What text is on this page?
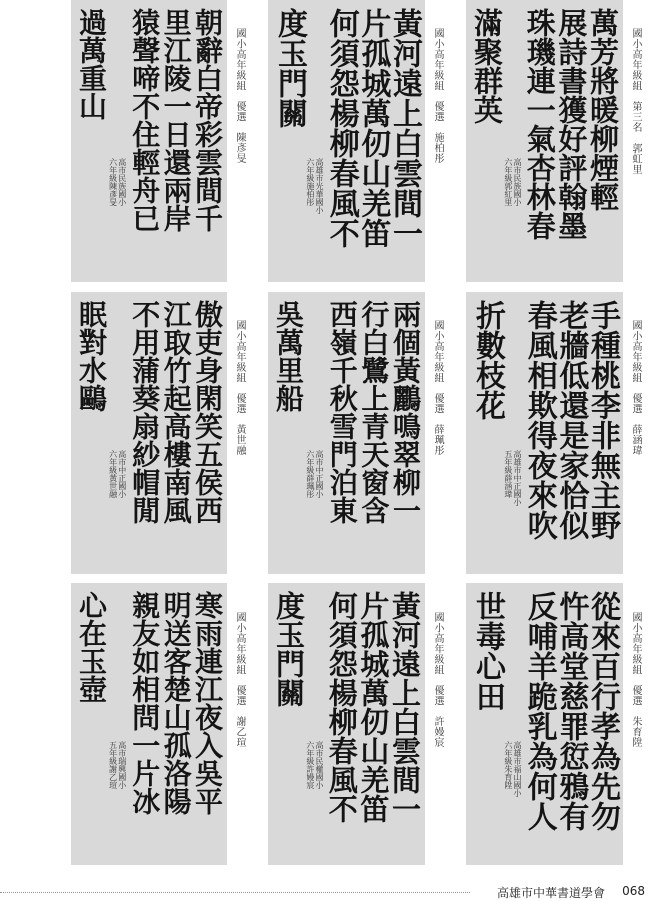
萬芳將暖柳煙輕
展詩書獲好評翰墨
珠璣連一氣杏林春
高市民族國小
六年級郭紅里
滿聚群英
黃河遠上白雲間一
片孤城萬仞山羌笛
何須怨楊柳春風不
高雄市光華國小
六年級施柏彤
度玉門關
朝辭白帝彩雲間千
里江陵一日還兩岸
猿聲啼不住輕舟已
高市民族國小
六年級陳彥旻
過萬重山
手種桃李非無主野
老牆低還是家恰似
春風相欺得夜來吹
高雄市中正國小
五年級薛涵瑋
折數枝花
兩個黃鸝鳴翠柳一
行白鷺上青天窗含
西嶺千秋雪門泊東
高市中正國小
六年級薛珮彤
吳萬里船
傲吏身閑笑五侯西
江取竹起高樓南風
不用蒲葵扇紗帽閒
高市中正國小
六年級黃世融
眠對水鷗
從來百行孝為先勿
忤高堂慈罪愆鴉有
反哺羊跪乳為何人
高雄市福山國小
六年級朱育陞
世毒心田
黃河遠上白雲間一
片孤城萬仞山羌笛
何須怨楊柳春風不
高市民權國小
六年級許嫚宸
度玉門關
寒雨連江夜入吳平
明送客楚山孤洛陽
親友如相問一片冰
高市瑞興國小
五年級謝乙瑄
心在玉壺
國小高年級組第三名郭虹里
國小高年級組優選施柏彤
國小高年級組優選陳彥旻
國小高年級組優選薛涵瑋
國小高年級組優選薛珮彤
國小高年級組優選黃世融
國小高年級組優選朱育陞
國小高年級組優選許嫚宸
國小高年級組優選謝乙瑄
高雄市中華書道學會 068
